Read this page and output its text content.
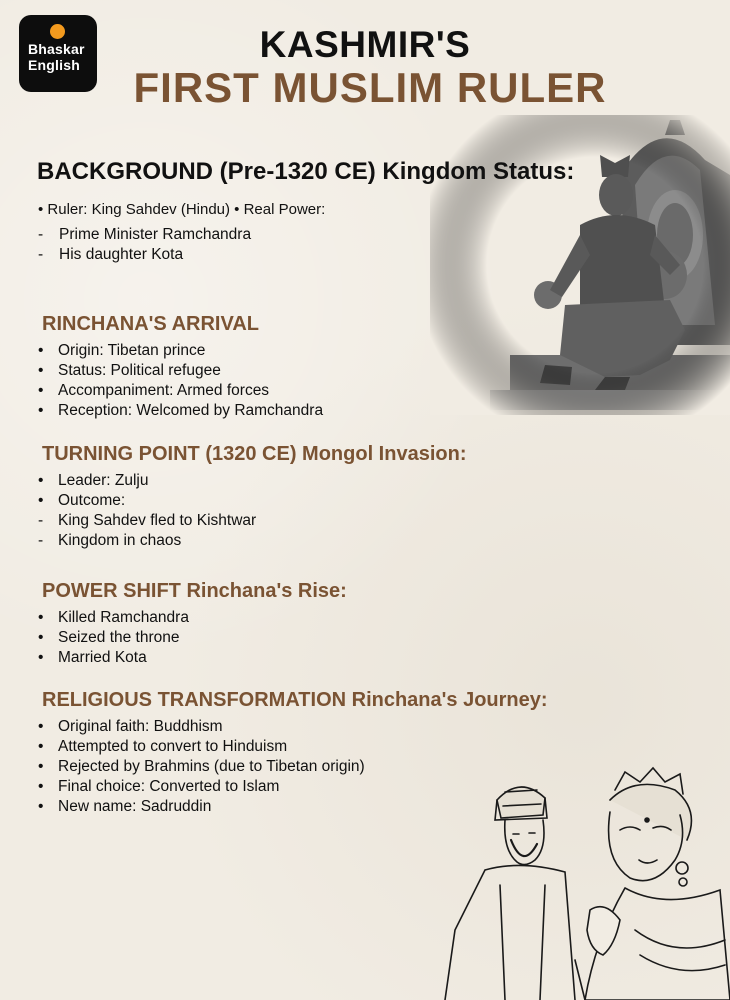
Bhaskar
English	KASHMIR'S
FIRST MUSLIM RULER
BACKGROUND (Pre-1320 CE) Kingdom Status:
• Ruler: King Sahdev (Hindu) • Real Power:
-	Prime Minister Ramchandra
-	His daughter Kota
RINCHANA'S ARRIVAL
• Origin: Tibetan prince
• Status: Political refugee
• Accompaniment: Armed forces
• Reception: Welcomed by Ramchandra
TURNING POINT (1320 CE) Mongol Invasion:
• Leader: Zulju
• Outcome:
- King Sahdev fled to Kishtwar
- Kingdom in chaos
POWER SHIFT Rinchana's Rise:
• Killed Ramchandra
• Seized the throne
• Married Kota
RELIGIOUS TRANSFORMATION Rinchana's Journey:
• Original faith: Buddhism
• Attempted to convert to Hinduism
• Rejected by Brahmins (due to Tibetan origin)
• Final choice: Converted to Islam
• New name: Sadruddin
